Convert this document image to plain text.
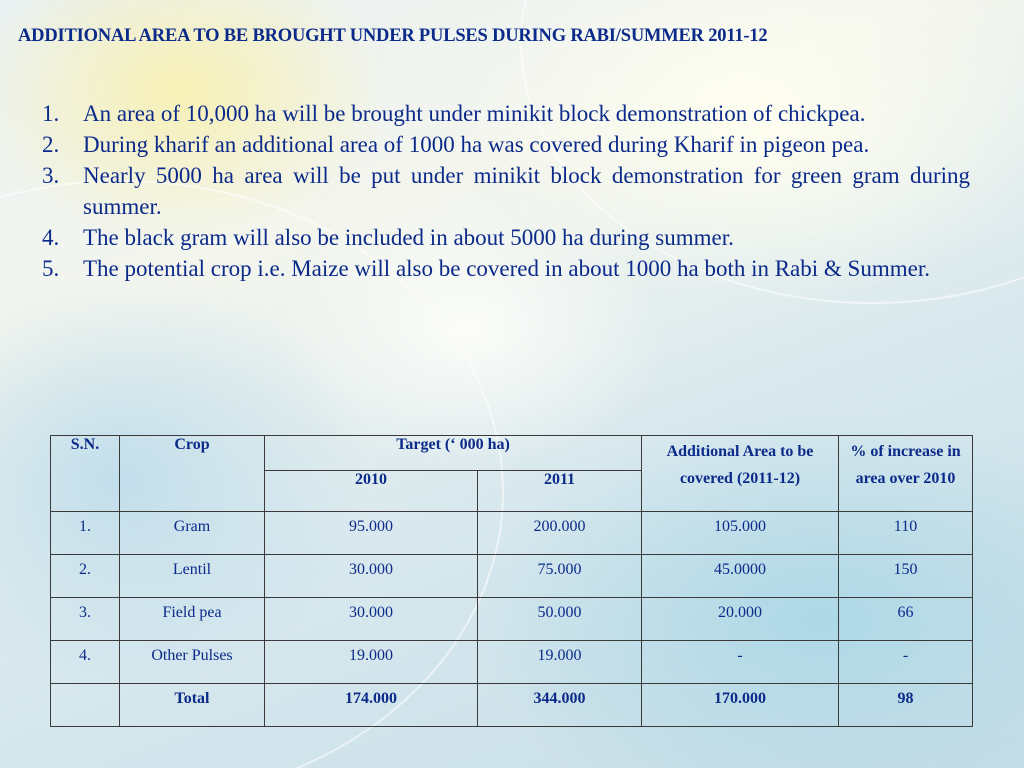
ADDITIONAL AREA TO BE BROUGHT UNDER PULSES DURING RABI/SUMMER 2011-12
1. An area of 10,000 ha will be brought under minikit block demonstration of chickpea.
2. During kharif an additional area of 1000 ha was covered during Kharif in pigeon pea.
3. Nearly 5000 ha area will be put under minikit block demonstration for green gram during summer.
4. The black gram will also be included in about 5000 ha during summer.
5. The potential crop i.e. Maize will also be covered in about 1000 ha both in Rabi & Summer.
S.N.	Crop	Target (‘ 000 ha)		Additional Area to be covered (2011-12)	% of increase in area over 2010
		2010	2011		
1.	Gram	95.000	200.000	105.000	110
2.	Lentil	30.000	75.000	45.0000	150
3.	Field pea	30.000	50.000	20.000	66
4.	Other Pulses	19.000	19.000	-	-
	Total	174.000	344.000	170.000	98
